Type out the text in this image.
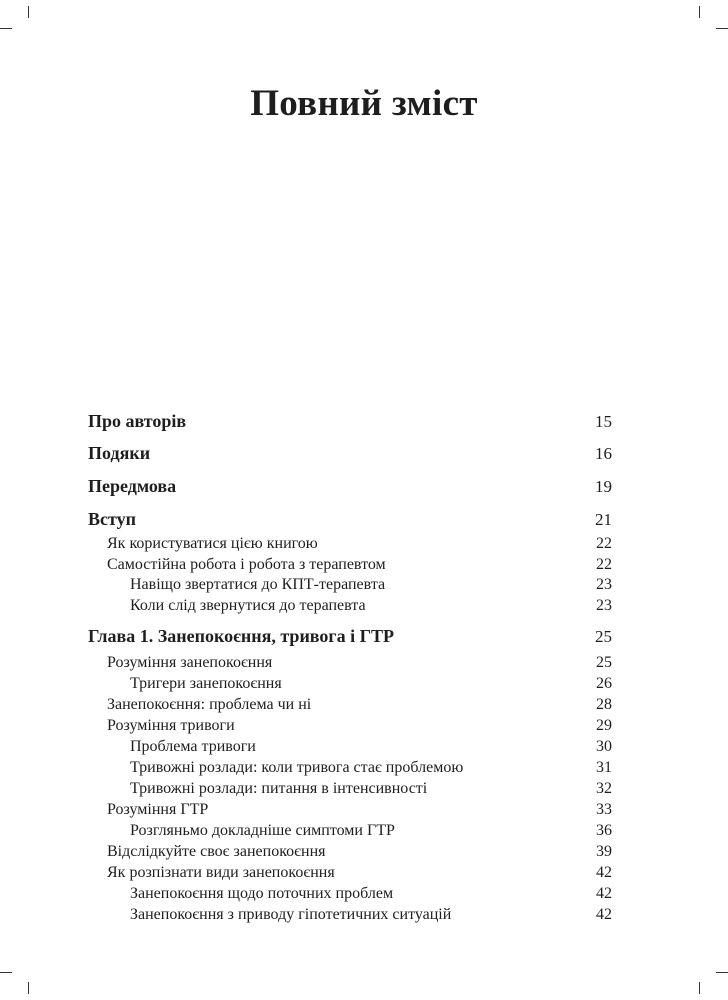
Повний зміст
Про авторів	15
Подяки	16
Передмова	19
Вступ	21
Як користуватися цією книгою	22
Самостійна робота і робота з терапевтом	22
Навіщо звертатися до КПТ-терапевта	23
Коли слід звернутися до терапевта	23
Глава 1. Занепокоєння, тривога і ГТР	25
Розуміння занепокоєння	25
Тригери занепокоєння	26
Занепокоєння: проблема чи ні	28
Розуміння тривоги	29
Проблема тривоги	30
Тривожні розлади: коли тривога стає проблемою	31
Тривожні розлади: питання в інтенсивності	32
Розуміння ГТР	33
Розгляньмо докладніше симптоми ГТР	36
Відслідкуйте своє занепокоєння	39
Як розпізнати види занепокоєння	42
Занепокоєння щодо поточних проблем	42
Занепокоєння з приводу гіпотетичних ситуацій	42
